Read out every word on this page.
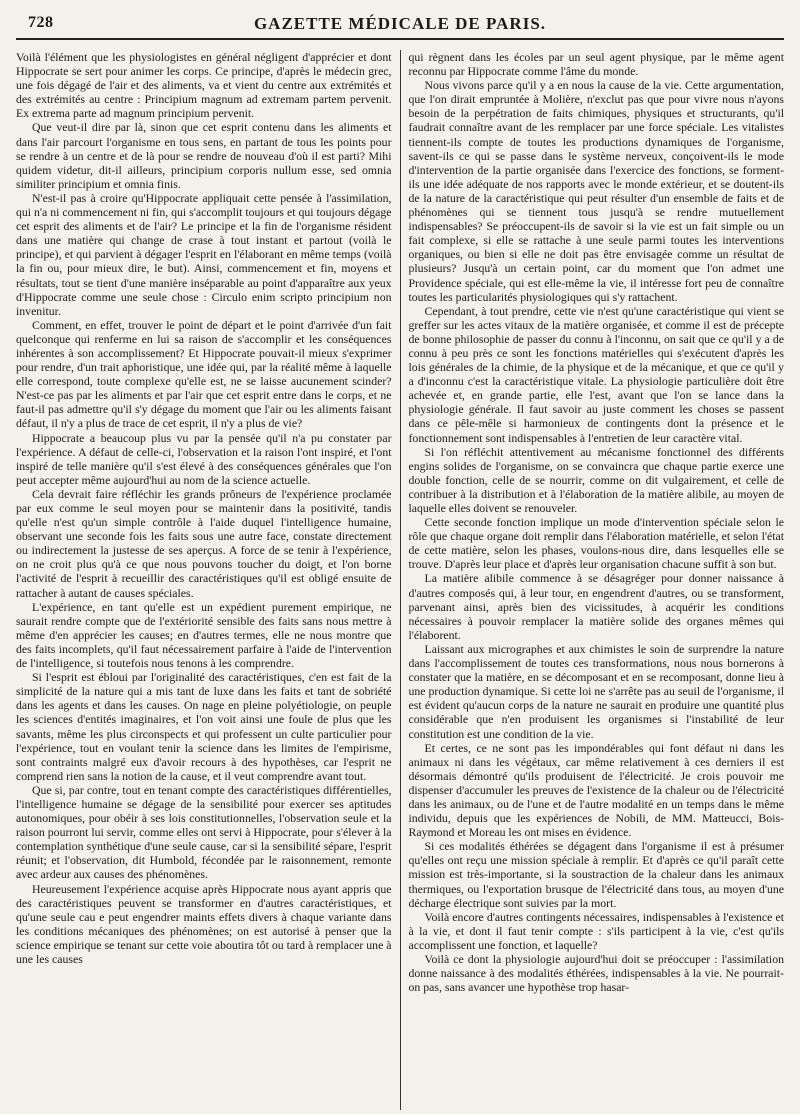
728	GAZETTE MÉDICALE DE PARIS.

Voilà l'élément que les physiologistes en général négligent d'apprécier et dont Hippocrate se sert pour animer les corps. Ce principe, d'après le médecin grec, une fois dégagé de l'air et des aliments, va et vient du centre aux extrémités et des extrémités au centre : Principium magnum ad extremam partem pervenit. Ex extrema parte ad magnum principium pervenit.

Que veut-il dire par là, sinon que cet esprit contenu dans les aliments et dans l'air parcourt l'organisme en tous sens, en partant de tous les points pour se rendre à un centre et de là pour se rendre de nouveau d'où il est parti? Mihi quidem videtur, dit-il ailleurs, principium corporis nullum esse, sed omnia similiter principium et omnia finis.

N'est-il pas à croire qu'Hippocrate appliquait cette pensée à l'assimilation, qui n'a ni commencement ni fin, qui s'accomplit toujours et qui toujours dégage cet esprit des aliments et de l'air? Le principe et la fin de l'organisme résident dans une matière qui change de crase à tout instant et partout (voilà le principe), et qui parvient à dégager l'esprit en l'élaborant en même temps (voilà la fin ou, pour mieux dire, le but). Ainsi, commencement et fin, moyens et résultats, tout se tient d'une manière inséparable au point d'apparaître aux yeux d'Hippocrate comme une seule chose : Circulo enim scripto principium non invenitur.

Comment, en effet, trouver le point de départ et le point d'arrivée d'un fait quelconque qui renferme en lui sa raison de s'accomplir et les conséquences inhérentes à son accomplissement? Et Hippocrate pouvait-il mieux s'exprimer pour rendre, d'un trait aphoristique, une idée qui, par la réalité même à laquelle elle correspond, toute complexe qu'elle est, ne se laisse aucunement scinder? N'est-ce pas par les aliments et par l'air que cet esprit entre dans le corps, et ne faut-il pas admettre qu'il s'y dégage du moment que l'air ou les aliments faisant défaut, il n'y a plus de trace de cet esprit, il n'y a plus de vie?

Hippocrate a beaucoup plus vu par la pensée qu'il n'a pu constater par l'expérience. A défaut de celle-ci, l'observation et la raison l'ont inspiré, et l'ont inspiré de telle manière qu'il s'est élevé à des conséquences générales que l'on peut accepter même aujourd'hui au nom de la science actuelle.

Cela devrait faire réfléchir les grands prôneurs de l'expérience proclamée par eux comme le seul moyen pour se maintenir dans la positivité, tandis qu'elle n'est qu'un simple contrôle à l'aide duquel l'intelligence humaine, observant une seconde fois les faits sous une autre face, constate directement ou indirectement la justesse de ses aperçus. A force de se tenir à l'expérience, on ne croit plus qu'à ce que nous pouvons toucher du doigt, et l'on borne l'activité de l'esprit à recueillir des caractéristiques qu'il est obligé ensuite de rattacher à autant de causes spéciales.

L'expérience, en tant qu'elle est un expédient purement empirique, ne saurait rendre compte que de l'extériorité sensible des faits sans nous mettre à même d'en apprécier les causes; en d'autres termes, elle ne nous montre que des faits incomplets, qu'il faut nécessairement parfaire à l'aide de l'intervention de l'intelligence, si toutefois nous tenons à les comprendre.

Si l'esprit est ébloui par l'originalité des caractéristiques, c'en est fait de la simplicité de la nature qui a mis tant de luxe dans les faits et tant de sobriété dans les agents et dans les causes. On nage en pleine polyétiologie, on peuple les sciences d'entités imaginaires, et l'on voit ainsi une foule de plus que les savants, même les plus circonspects et qui professent un culte particulier pour l'expérience, tout en voulant tenir la science dans les limites de l'empirisme, sont contraints malgré eux d'avoir recours à des hypothèses, car l'esprit ne comprend rien sans la notion de la cause, et il veut comprendre avant tout.

Que si, par contre, tout en tenant compte des caractéristiques différentielles, l'intelligence humaine se dégage de la sensibilité pour exercer ses aptitudes autonomiques, pour obéir à ses lois constitutionnelles, l'observation seule et la raison pourront lui servir, comme elles ont servi à Hippocrate, pour s'élever à la contemplation synthétique d'une seule cause, car si la sensibilité sépare, l'esprit réunit; et l'observation, dit Humbold, fécondée par le raisonnement, remonte avec ardeur aux causes des phénomènes.

Heureusement l'expérience acquise après Hippocrate nous ayant appris que des caractéristiques peuvent se transformer en d'autres caractéristiques, et qu'une seule cau e peut engendrer maints effets divers à chaque variante dans les conditions mécaniques des phénomènes; on est autorisé à penser que la science empirique se tenant sur cette voie aboutira tôt ou tard à remplacer une à une les causes

qui règnent dans les écoles par un seul agent physique, par le même agent reconnu par Hippocrate comme l'âme du monde.

Nous vivons parce qu'il y a en nous la cause de la vie. Cette argumentation, que l'on dirait empruntée à Molière, n'exclut pas que pour vivre nous n'ayons besoin de la perpétration de faits chimiques, physiques et structurants, qu'il faudrait connaître avant de les remplacer par une force spéciale. Les vitalistes tiennent-ils compte de toutes les productions dynamiques de l'organisme, savent-ils ce qui se passe dans le système nerveux, conçoivent-ils le mode d'intervention de la partie organisée dans l'exercice des fonctions, se forment-ils une idée adéquate de nos rapports avec le monde extérieur, et se doutent-ils de la nature de la caractéristique qui peut résulter d'un ensemble de faits et de phénomènes qui se tiennent tous jusqu'à se rendre mutuellement indispensables? Se préoccupent-ils de savoir si la vie est un fait simple ou un fait complexe, si elle se rattache à une seule parmi toutes les interventions organiques, ou bien si elle ne doit pas être envisagée comme un résultat de plusieurs? Jusqu'à un certain point, car du moment que l'on admet une Providence spéciale, qui est elle-même la vie, il intéresse fort peu de connaître toutes les particularités physiologiques qui s'y rattachent.

Cependant, à tout prendre, cette vie n'est qu'une caractéristique qui vient se greffer sur les actes vitaux de la matière organisée, et comme il est de précepte de bonne philosophie de passer du connu à l'inconnu, on sait que ce qu'il y a de connu à peu près ce sont les fonctions matérielles qui s'exécutent d'après les lois générales de la chimie, de la physique et de la mécanique, et que ce qu'il y a d'inconnu c'est la caractéristique vitale. La physiologie particulière doit être achevée et, en grande partie, elle l'est, avant que l'on se lance dans la physiologie générale. Il faut savoir au juste comment les choses se passent dans ce pêle-mêle si harmonieux de contingents dont la présence et le fonctionnement sont indispensables à l'entretien de leur caractère vital.

Si l'on réfléchit attentivement au mécanisme fonctionnel des différents engins solides de l'organisme, on se convaincra que chaque partie exerce une double fonction, celle de se nourrir, comme on dit vulgairement, et celle de contribuer à la distribution et à l'élaboration de la matière alibile, au moyen de laquelle elles doivent se renouveler.

Cette seconde fonction implique un mode d'intervention spéciale selon le rôle que chaque organe doit remplir dans l'élaboration matérielle, et selon l'état de cette matière, selon les phases, voulons-nous dire, dans lesquelles elle se trouve. D'après leur place et d'après leur organisation chacune suffit à son but.

La matière alibile commence à se désagréger pour donner naissance à d'autres composés qui, à leur tour, en engendrent d'autres, ou se transforment, parvenant ainsi, après bien des vicissitudes, à acquérir les conditions nécessaires à pouvoir remplacer la matière solide des organes mêmes qui l'élaborent.

Laissant aux micrographes et aux chimistes le soin de surprendre la nature dans l'accomplissement de toutes ces transformations, nous nous bornerons à constater que la matière, en se décomposant et en se recomposant, donne lieu à une production dynamique. Si cette loi ne s'arrête pas au seuil de l'organisme, il est évident qu'aucun corps de la nature ne saurait en produire une quantité plus considérable que n'en produisent les organismes si l'instabilité de leur constitution est une condition de la vie.

Et certes, ce ne sont pas les impondérables qui font défaut ni dans les animaux ni dans les végétaux, car même relativement à ces derniers il est désormais démontré qu'ils produisent de l'électricité. Je crois pouvoir me dispenser d'accumuler les preuves de l'existence de la chaleur ou de l'électricité dans les animaux, ou de l'une et de l'autre modalité en un temps dans le même individu, depuis que les expériences de Nobili, de MM. Matteucci, Bois-Raymond et Moreau les ont mises en évidence.

Si ces modalités éthérées se dégagent dans l'organisme il est à présumer qu'elles ont reçu une mission spéciale à remplir. Et d'après ce qu'il paraît cette mission est très-importante, si la soustraction de la chaleur dans les animaux thermiques, ou l'exportation brusque de l'électricité dans tous, au moyen d'une décharge électrique sont suivies par la mort.

Voilà encore d'autres contingents nécessaires, indispensables à l'existence et à la vie, et dont il faut tenir compte : s'ils participent à la vie, c'est qu'ils accomplissent une fonction, et laquelle?

Voilà ce dont la physiologie aujourd'hui doit se préoccuper : l'assimilation donne naissance à des modalités éthérées, indispensables à la vie. Ne pourrait-on pas, sans avancer une hypothèse trop hasar-
